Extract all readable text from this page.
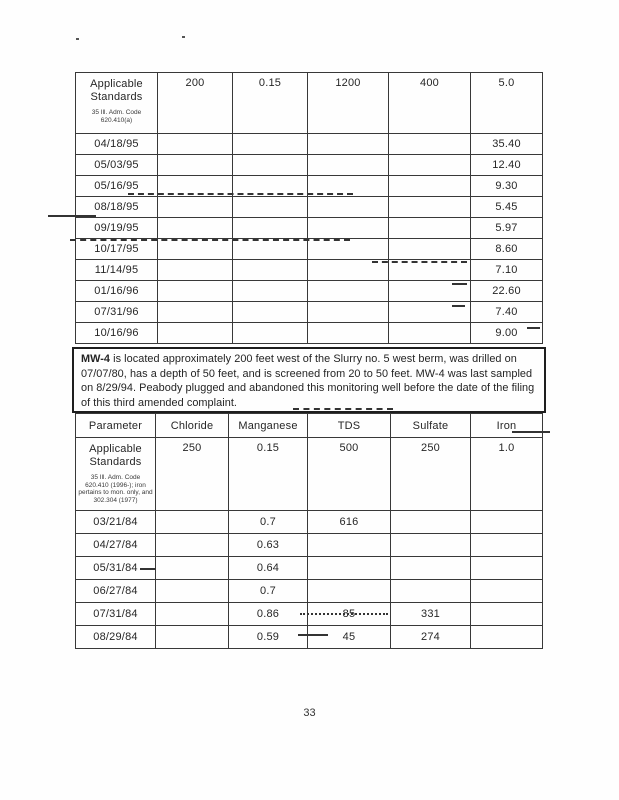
Applicable Standards
35 Ill. Adm. Code
620.410(a)	200	0.15	1200	400	5.0
04/18/95					35.40
05/03/95					12.40
05/16/95					9.30
08/18/95					5.45
09/19/95					5.97
10/17/95					8.60
11/14/95					7.10
01/16/96					22.60
07/31/96					7.40
10/16/96					9.00
MW-4 is located approximately 200 feet west of the Slurry no. 5 west berm, was drilled on 07/07/80, has a depth of 50 feet, and is screened from 20 to 50 feet. MW-4 was last sampled on 8/29/94. Peabody plugged and abandoned this monitoring well before the date of the filing of this third amended complaint.
Parameter	Chloride	Manganese	TDS	Sulfate	Iron

Applicable Standards
35 Ill. Adm. Code
620.410 (1996-); iron
pertains to mon. only, and
302.304 (1977)	250	0.15	500	250	1.0
03/21/84		0.7	616		
04/27/84		0.63			
05/31/84		0.64			
06/27/84		0.7			
07/31/84		0.86	85	331	
08/29/84		0.59	45	274	
33
